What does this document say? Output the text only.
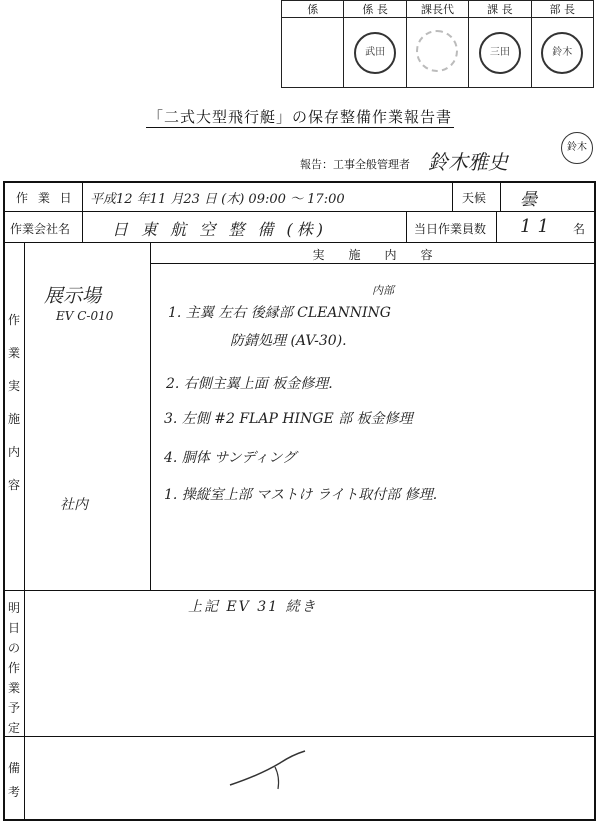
係	係 長	課長代	課 長	部 長
	武田		三田	鈴木
「二式大型飛行艇」の保存整備作業報告書
報告：工事全般管理者 鈴木雅史
鈴木
作 業 日 平成12 年11 月23 日 (木) 09:00 〜 17:00	天候 曇
作業会社名	日 東 航 空 整 備 (株)	当日作業員数 11 名
作
業
実
施
内
容
実　　施　　内　　容
展示場
EV C-010
社内
内部
1. 主翼 左右 後縁部 CLEANNING
防錆処理 (AV-30).
2. 右側主翼上面 板金修理.
3. 左側 #2 FLAP HINGE 部 板金修理
4. 胴体 サンディング
1. 操縦室上部 マストけ ライト取付部 修理.
明
日
の
作
業
予
定
上記 EV 31 続き
備
考
